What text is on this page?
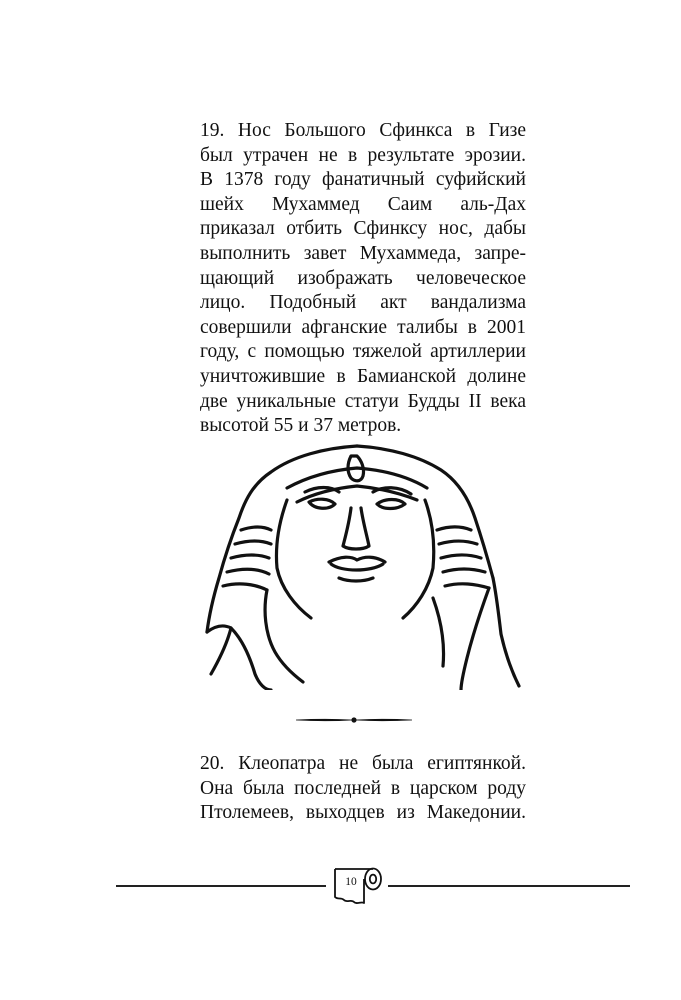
19. Нос Большого Сфинкса в Гизе
был утрачен не в результате эрозии.
В 1378 году фанатичный суфийский
шейх Мухаммед Саим аль-Дах
приказал отбить Сфинксу нос, дабы
выполнить завет Мухаммеда, запре-
щающий изображать человеческое
лицо. Подобный акт вандализма
совершили афганские талибы в 2001
году, с помощью тяжелой артиллерии
уничтожившие в Бамианской долине
две уникальные статуи Будды II века
высотой 55 и 37 метров.
20. Клеопатра не была египтянкой.
Она была последней в царском роду
Птолемеев, выходцев из Македонии.
10
